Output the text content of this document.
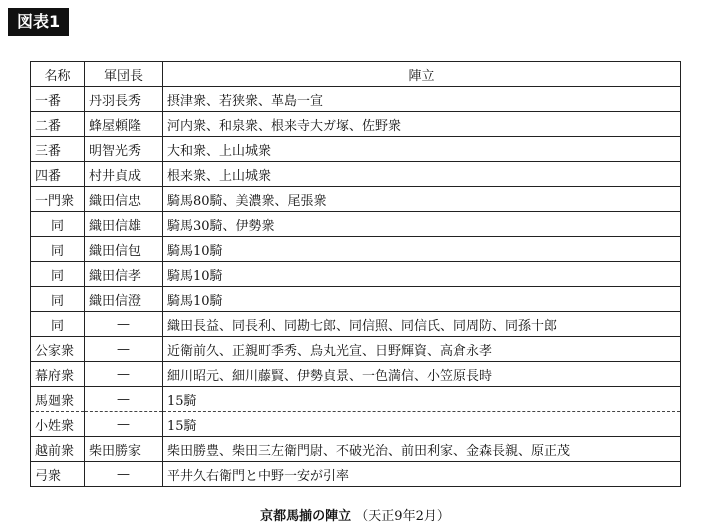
図表1
名称	軍団長	陣立
一番	丹羽長秀	摂津衆、若狭衆、革島一宣
二番	蜂屋頼隆	河内衆、和泉衆、根来寺大ガ塚、佐野衆
三番	明智光秀	大和衆、上山城衆
四番	村井貞成	根来衆、上山城衆
一門衆	織田信忠	騎馬80騎、美濃衆、尾張衆
同	織田信雄	騎馬30騎、伊勢衆
同	織田信包	騎馬10騎
同	織田信孝	騎馬10騎
同	織田信澄	騎馬10騎
同	—	織田長益、同長利、同勘七郎、同信照、同信氏、同周防、同孫十郎
公家衆	—	近衛前久、正親町季秀、烏丸光宣、日野輝資、高倉永孝
幕府衆	—	細川昭元、細川藤賢、伊勢貞景、一色満信、小笠原長時
馬廻衆	—	15騎
小姓衆	—	15騎
越前衆	柴田勝家	柴田勝豊、柴田三左衛門尉、不破光治、前田利家、金森長親、原正茂
弓衆	—	平井久右衛門と中野一安が引率
京都馬揃の陣立 （天正9年2月）
